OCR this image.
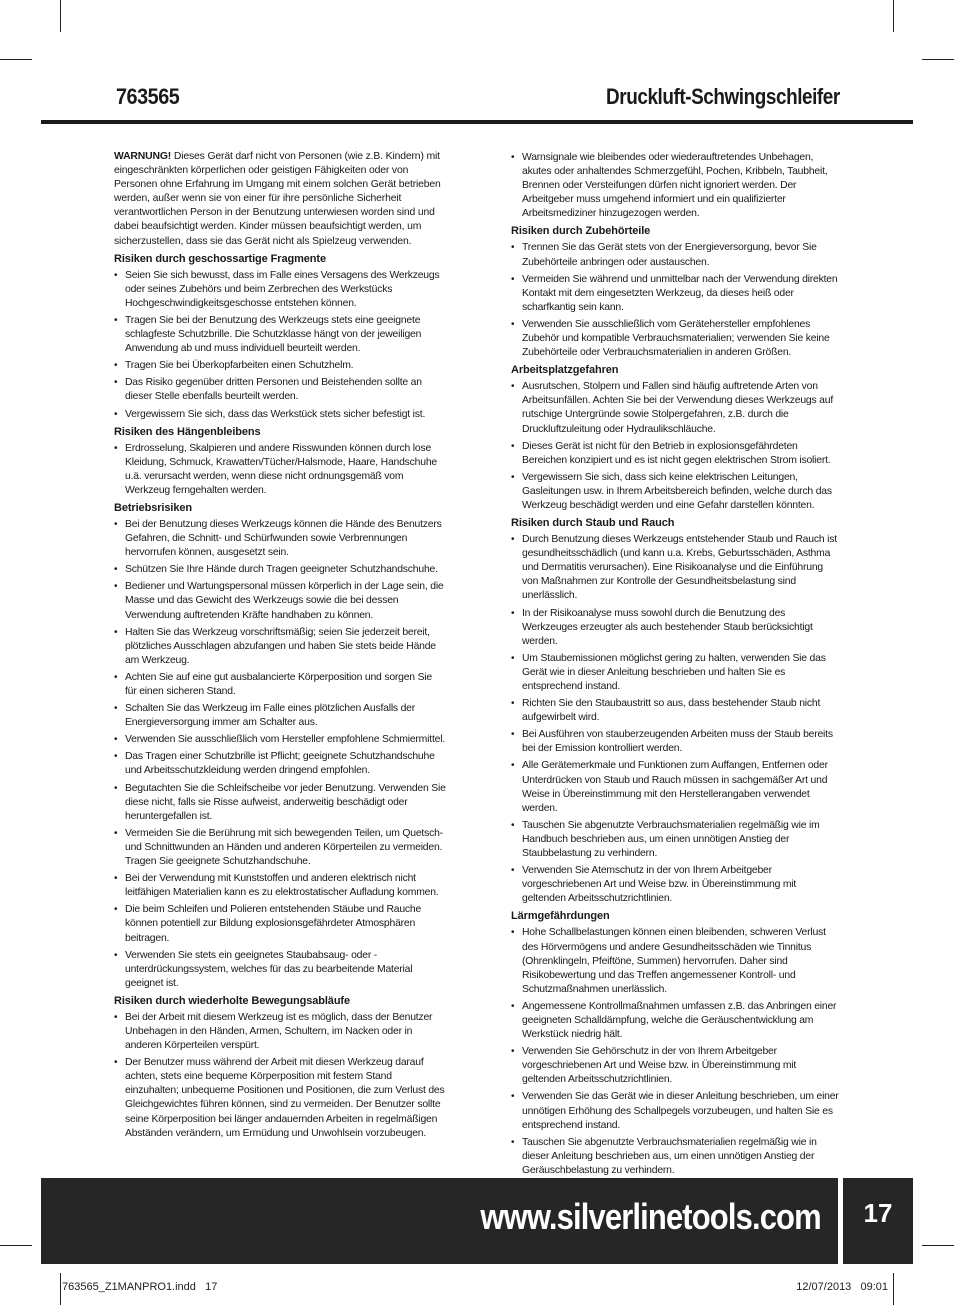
763565	Druckluft-Schwingschleifer

WARNUNG! Dieses Gerät darf nicht von Personen (wie z.B. Kindern) mit eingeschränkten körperlichen oder geistigen Fähigkeiten oder von Personen ohne Erfahrung im Umgang mit einem solchen Gerät betrieben werden, außer wenn sie von einer für ihre persönliche Sicherheit verantwortlichen Person in der Benutzung unterwiesen worden sind und dabei beaufsichtigt werden. Kinder müssen beaufsichtigt werden, um sicherzustellen, dass sie das Gerät nicht als Spielzeug verwenden.

Risiken durch geschossartige Fragmente
• Seien Sie sich bewusst, dass im Falle eines Versagens des Werkzeugs oder seines Zubehörs und beim Zerbrechen des Werkstücks Hochgeschwindigkeitsgeschosse entstehen können.
• Tragen Sie bei der Benutzung des Werkzeugs stets eine geeignete schlagfeste Schutzbrille. Die Schutzklasse hängt von der jeweiligen Anwendung ab und muss individuell beurteilt werden.
• Tragen Sie bei Überkopfarbeiten einen Schutzhelm.
• Das Risiko gegenüber dritten Personen und Beistehenden sollte an dieser Stelle ebenfalls beurteilt werden.
• Vergewissern Sie sich, dass das Werkstück stets sicher befestigt ist.
Risiken des Hängenbleibens
• Erdrosselung, Skalpieren und andere Risswunden können durch lose Kleidung, Schmuck, Krawatten/Tücher/Halsmode, Haare, Handschuhe u.ä. verursacht werden, wenn diese nicht ordnungsgemäß vom Werkzeug ferngehalten werden.
Betriebsrisiken
• Bei der Benutzung dieses Werkzeugs können die Hände des Benutzers Gefahren, die Schnitt- und Schürfwunden sowie Verbrennungen hervorrufen können, ausgesetzt sein.
• Schützen Sie Ihre Hände durch Tragen geeigneter Schutzhandschuhe.
• Bediener und Wartungspersonal müssen körperlich in der Lage sein, die Masse und das Gewicht des Werkzeugs sowie die bei dessen Verwendung auftretenden Kräfte handhaben zu können.
• Halten Sie das Werkzeug vorschriftsmäßig; seien Sie jederzeit bereit, plötzliches Ausschlagen abzufangen und haben Sie stets beide Hände am Werkzeug.
• Achten Sie auf eine gut ausbalancierte Körperposition und sorgen Sie für einen sicheren Stand.
• Schalten Sie das Werkzeug im Falle eines plötzlichen Ausfalls der Energieversorgung immer am Schalter aus.
• Verwenden Sie ausschließlich vom Hersteller empfohlene Schmiermittel.
• Das Tragen einer Schutzbrille ist Pflicht; geeignete Schutzhandschuhe und Arbeitsschutzkleidung werden dringend empfohlen.
• Begutachten Sie die Schleifscheibe vor jeder Benutzung. Verwenden Sie diese nicht, falls sie Risse aufweist, anderweitig beschädigt oder heruntergefallen ist.
• Vermeiden Sie die Berührung mit sich bewegenden Teilen, um Quetsch- und Schnittwunden an Händen und anderen Körperteilen zu vermeiden. Tragen Sie geeignete Schutzhandschuhe.
• Bei der Verwendung mit Kunststoffen und anderen elektrisch nicht leitfähigen Materialien kann es zu elektrostatischer Aufladung kommen.
• Die beim Schleifen und Polieren entstehenden Stäube und Rauche können potentiell zur Bildung explosionsgefährdeter Atmosphären beitragen.
• Verwenden Sie stets ein geeignetes Staubabsaug- oder -unterdrückungssystem, welches für das zu bearbeitende Material geeignet ist.
Risiken durch wiederholte Bewegungsabläufe
• Bei der Arbeit mit diesem Werkzeug ist es möglich, dass der Benutzer Unbehagen in den Händen, Armen, Schultern, im Nacken oder in anderen Körperteilen verspürt.
• Der Benutzer muss während der Arbeit mit diesen Werkzeug darauf achten, stets eine bequeme Körperposition mit festem Stand einzuhalten; unbequeme Positionen und Positionen, die zum Verlust des Gleichgewichtes führen können, sind zu vermeiden. Der Benutzer sollte seine Körperposition bei länger andauernden Arbeiten in regelmäßigen Abständen verändern, um Ermüdung und Unwohlsein vorzubeugen.
• Warnsignale wie bleibendes oder wiederauftretendes Unbehagen, akutes oder anhaltendes Schmerzgefühl, Pochen, Kribbeln, Taubheit, Brennen oder Versteifungen dürfen nicht ignoriert werden. Der Arbeitgeber muss umgehend informiert und ein qualifizierter Arbeitsmediziner hinzugezogen werden.
Risiken durch Zubehörteile
• Trennen Sie das Gerät stets von der Energieversorgung, bevor Sie Zubehörteile anbringen oder austauschen.
• Vermeiden Sie während und unmittelbar nach der Verwendung direkten Kontakt mit dem eingesetzten Werkzeug, da dieses heiß oder scharfkantig sein kann.
• Verwenden Sie ausschließlich vom Gerätehersteller empfohlenes Zubehör und kompatible Verbrauchsmaterialien; verwenden Sie keine Zubehörteile oder Verbrauchsmaterialien in anderen Größen.
Arbeitsplatzgefahren
• Ausrutschen, Stolpern und Fallen sind häufig auftretende Arten von Arbeitsunfällen. Achten Sie bei der Verwendung dieses Werkzeugs auf rutschige Untergründe sowie Stolpergefahren, z.B. durch die Druckluftzuleitung oder Hydraulikschläuche.
• Dieses Gerät ist nicht für den Betrieb in explosionsgefährdeten Bereichen konzipiert und es ist nicht gegen elektrischen Strom isoliert.
• Vergewissern Sie sich, dass sich keine elektrischen Leitungen, Gasleitungen usw. in Ihrem Arbeitsbereich befinden, welche durch das Werkzeug beschädigt werden und eine Gefahr darstellen könnten.
Risiken durch Staub und Rauch
• Durch Benutzung dieses Werkzeugs entstehender Staub und Rauch ist gesundheitsschädlich (und kann u.a. Krebs, Geburtsschäden, Asthma und Dermatitis verursachen). Eine Risikoanalyse und die Einführung von Maßnahmen zur Kontrolle der Gesundheitsbelastung sind unerlässlich.
• In der Risikoanalyse muss sowohl durch die Benutzung des Werkzeuges erzeugter als auch bestehender Staub berücksichtigt werden.
• Um Staubemissionen möglichst gering zu halten, verwenden Sie das Gerät wie in dieser Anleitung beschrieben und halten Sie es entsprechend instand.
• Richten Sie den Staubaustritt so aus, dass bestehender Staub nicht aufgewirbelt wird.
• Bei Ausführen von stauberzeugenden Arbeiten muss der Staub bereits bei der Emission kontrolliert werden.
• Alle Gerätemerkmale und Funktionen zum Auffangen, Entfernen oder Unterdrücken von Staub und Rauch müssen in sachgemäßer Art und Weise in Übereinstimmung mit den Herstellerangaben verwendet werden.
• Tauschen Sie abgenutzte Verbrauchsmaterialien regelmäßig wie im Handbuch beschrieben aus, um einen unnötigen Anstieg der Staubbelastung zu verhindern.
• Verwenden Sie Atemschutz in der von Ihrem Arbeitgeber vorgeschriebenen Art und Weise bzw. in Übereinstimmung mit geltenden Arbeitsschutzrichtlinien.
Lärmgefährdungen
• Hohe Schallbelastungen können einen bleibenden, schweren Verlust des Hörvermögens und andere Gesundheitsschäden wie Tinnitus (Ohrenklingeln, Pfeiftöne, Summen) hervorrufen. Daher sind Risikobewertung und das Treffen angemessener Kontroll- und Schutzmaßnahmen unerlässlich.
• Angemessene Kontrollmaßnahmen umfassen z.B. das Anbringen einer geeigneten Schalldämpfung, welche die Geräuschentwicklung am Werkstück niedrig hält.
• Verwenden Sie Gehörschutz in der von Ihrem Arbeitgeber vorgeschriebenen Art und Weise bzw. in Übereinstimmung mit geltenden Arbeitsschutzrichtlinien.
• Verwenden Sie das Gerät wie in dieser Anleitung beschrieben, um einer unnötigen Erhöhung des Schallpegels vorzubeugen, und halten Sie es entsprechend instand.
• Tauschen Sie abgenutzte Verbrauchsmaterialien regelmäßig wie in dieser Anleitung beschrieben aus, um einen unnötigen Anstieg der Geräuschbelastung zu verhindern.
www.silverlinetools.com	17
763565_Z1MANPRO1.indd   17	12/07/2013   09:01
